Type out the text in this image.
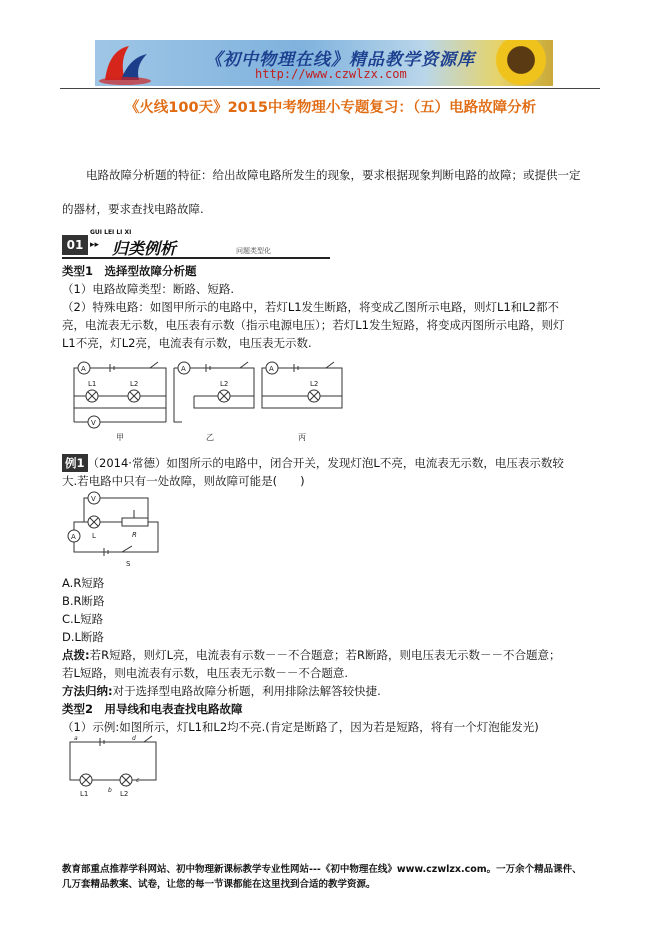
《初中物理在线》精品教学资源库
http://www.czwlzx.com
《火线100天》2015中考物理小专题复习：（五）电路故障分析
电路故障分析题的特征：给出故障电路所发生的现象，要求根据现象判断电路的故障；或提供一定
的器材，要求查找电路故障.
01
GUI LEI LI XI
▸▸ 归类例析	问题类型化
类型1　选择型故障分析题
（1）电路故障类型：断路、短路.
（2）特殊电路：如图甲所示的电路中，若灯L1发生断路，将变成乙图所示电路，则灯L1和L2都不
亮，电流表无示数，电压表有示数（指示电源电压）；若灯L1发生短路，将变成丙图所示电路，则灯
L1不亮，灯L2亮，电流表有示数，电压表无示数.
A
V
L1	L2
A
L2
A
L2
甲	乙	丙
例1 （2014·常德）如图所示的电路中，闭合开关，发现灯泡L不亮，电流表无示数，电压表示数较
大.若电路中只有一处故障，则故障可能是(　　)
V
A L	R
S
A.R短路
B.R断路
C.L短路
D.L断路
点拨:若R短路，则灯L亮，电流表有示数－－不合题意；若R断路，则电压表无示数－－不合题意；
若L短路，则电流表有示数，电压表无示数－－不合题意.
方法归纳:对于选择型电路故障分析题，利用排除法解答较快捷.
类型2　用导线和电表查找电路故障
（1）示例:如图所示，灯L1和L2均不亮.(肯定是断路了，因为若是短路，将有一个灯泡能发光)
a
b
c
d
L1	L2
教育部重点推荐学科网站、初中物理新课标教学专业性网站---《初中物理在线》www.czwlzx.com。一万余个精品课件、
几万套精品教案、试卷，让您的每一节课都能在这里找到合适的教学资源。
